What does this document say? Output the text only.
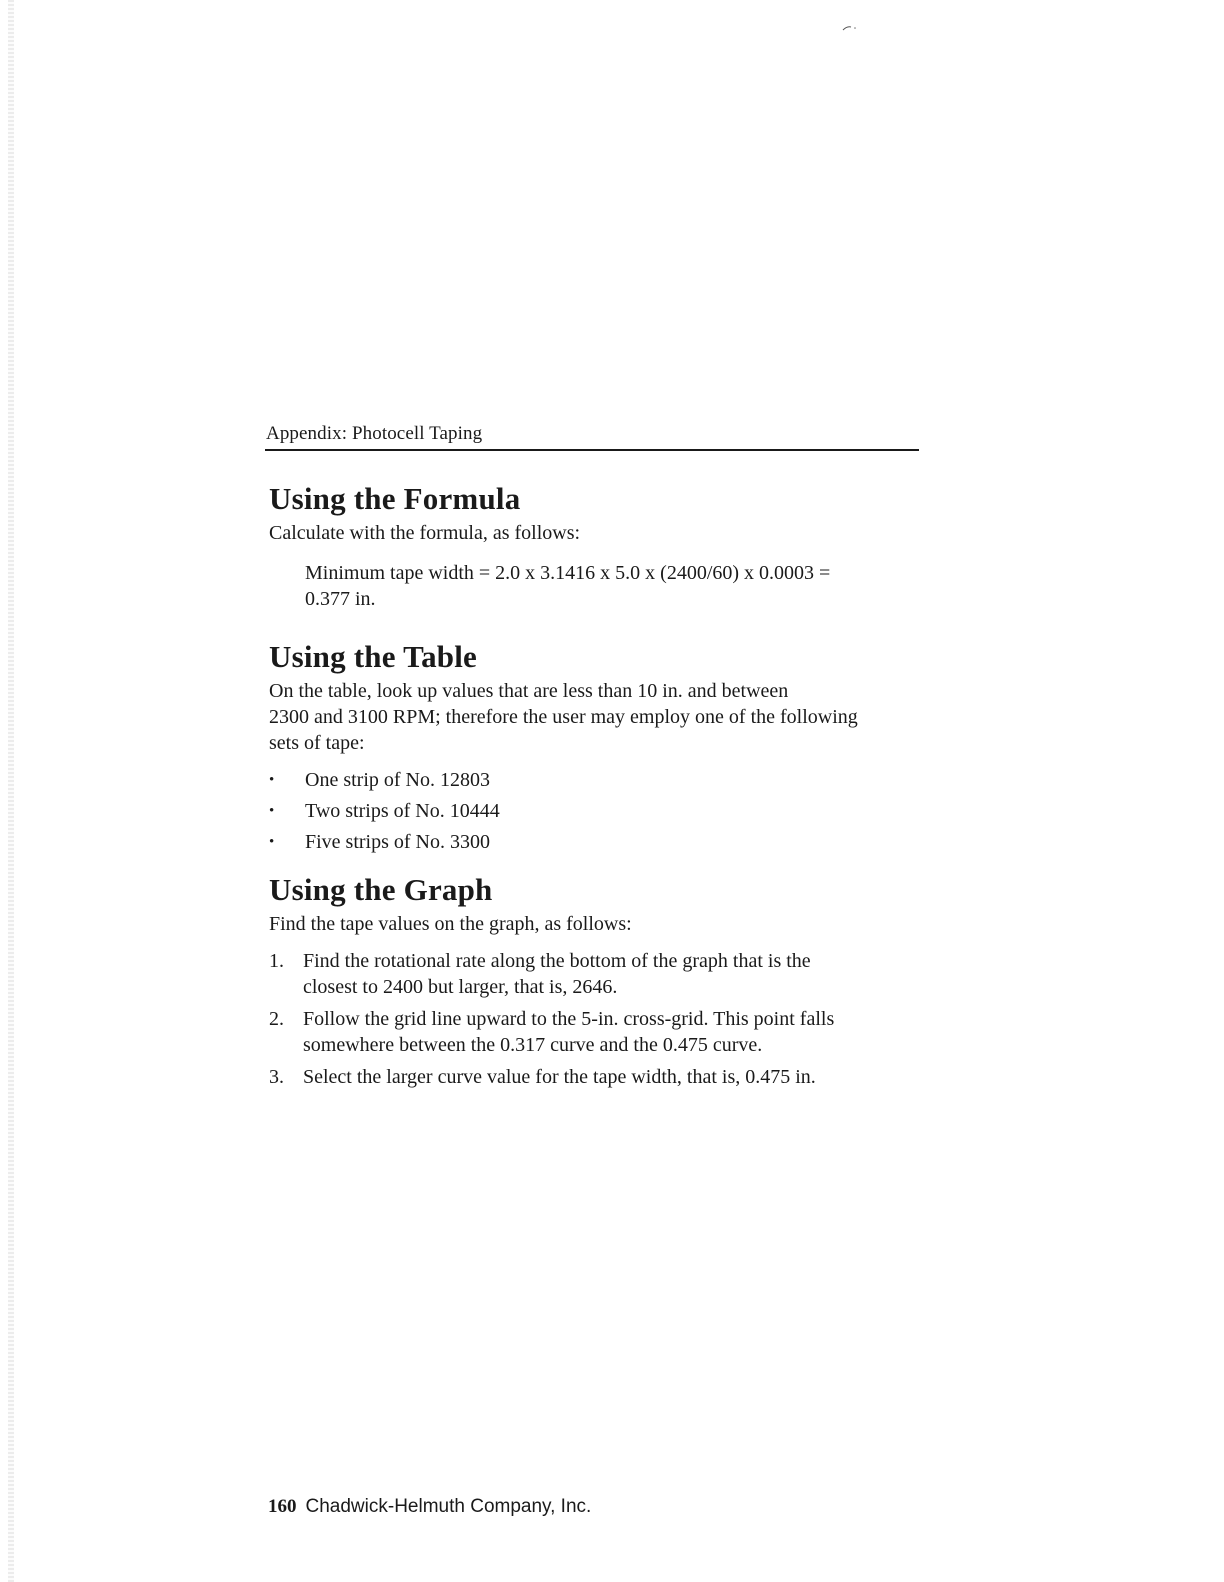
Appendix: Photocell Taping
Using the Formula

Calculate with the formula, as follows:

Minimum tape width = 2.0 x 3.1416 x 5.0 x (2400/60) x 0.0003 =
0.377 in.
Using the Table

On the table, look up values that are less than 10 in. and between
2300 and 3100 RPM; therefore the user may employ one of the following
sets of tape:

• One strip of No. 12803
• Two strips of No. 10444
• Five strips of No. 3300
Using the Graph

Find the tape values on the graph, as follows:

1. Find the rotational rate along the bottom of the graph that is the
closest to 2400 but larger, that is, 2646.
2. Follow the grid line upward to the 5-in. cross-grid. This point falls
somewhere between the 0.317 curve and the 0.475 curve.
3. Select the larger curve value for the tape width, that is, 0.475 in.
160 Chadwick-Helmuth Company, Inc.
